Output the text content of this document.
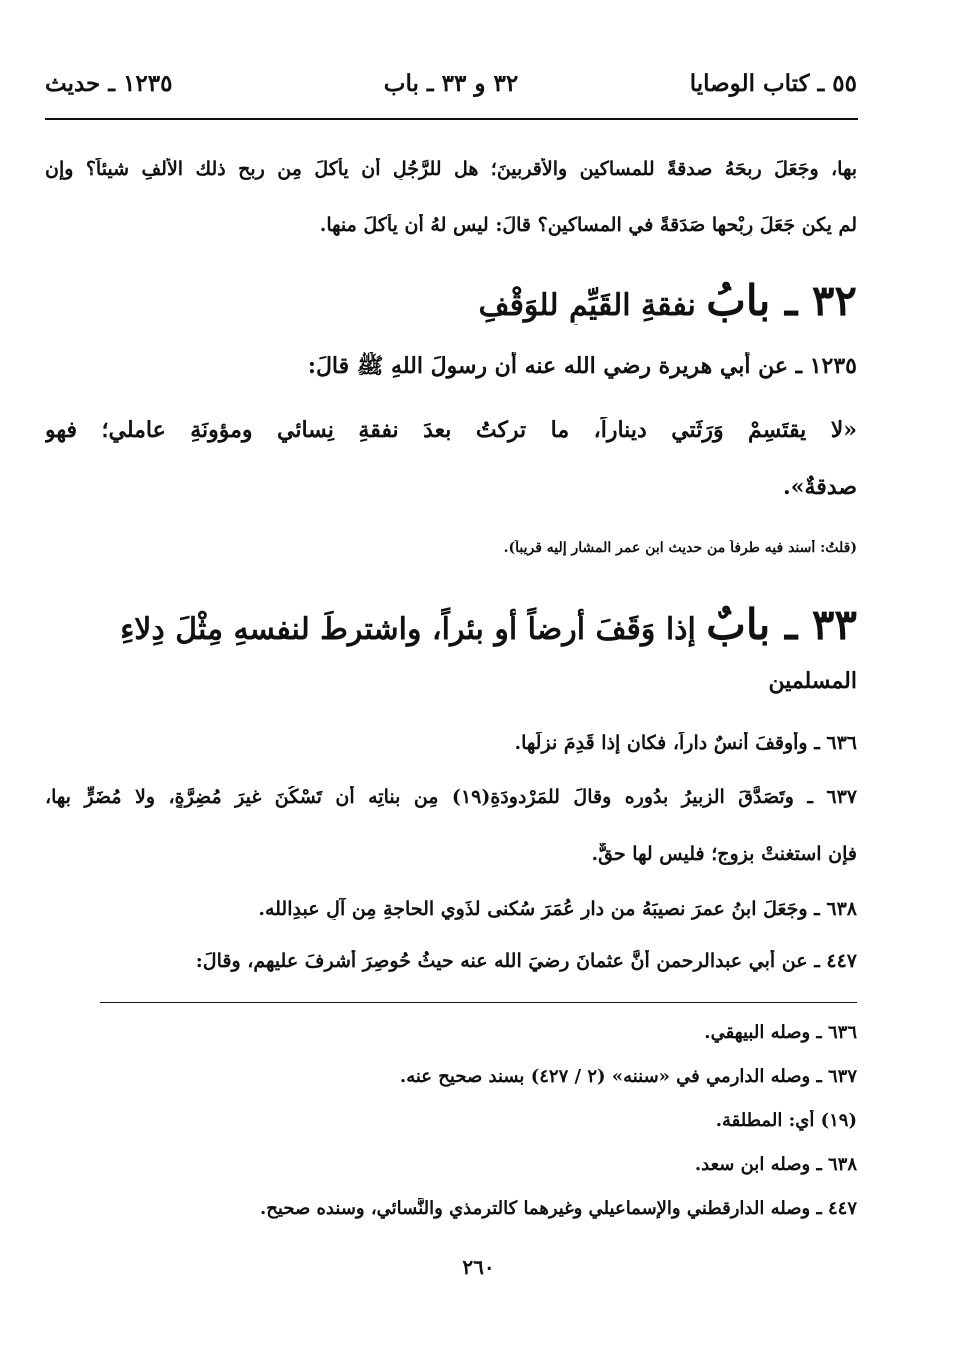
٥٥ ـ كتاب الوصايا
٣٢ و ٣٣ ـ باب
١٢٣٥ ـ حديث
بها، وجَعَلَ ربحَهُ صدقةً للمساكينِ والأقربينَ؛ هل للرَّجُلِ أن يأكلَ مِن ربحِ ذلك الألفِ شيئاً؟ وإن
لم يكن جَعَلَ رِبْحها صَدَقةً في المساكين؟ قالَ: ليس لهُ أن يأكلَ منها.
٣٢ ـ بابُ نفقةِ القَيِّمِ للوَقْفِ
١٢٣٥ ـ عن أبي هريرة رضي الله عنه أن رسولَ اللهِ ﷺ قالَ:
«لا يقتَسِمْ وَرَثَتي ديناراً، ما تركتُ بعدَ نفقةِ نِسائي ومؤونَةِ عاملي؛ فهو
صدقةٌ».
(قلتُ: أسند فيه طرفاً من حديث ابن عمر المشار إليه قريباً).
٣٣ ـ بابٌ إذا وَقَفَ أرضاً أو بئراً، واشترطَ لنفسهِ مِثْلَ دِلاءِ
المسلمين
٦٣٦ ـ وأوقفَ أنسٌ داراً، فكان إذا قَدِمَ نزلَها.
٦٣٧ ـ وتَصَدَّقَ الزبيرُ بدُورِه وقالَ للمَرْدودَةِ(١٩) مِن بناتِه أن تَسْكُنَ غيرَ مُضِرَّةٍ، ولا مُضَرٍّ بها،
فإن استغنتْ بزوجٍ؛ فليس لها حقٌّ.
٦٣٨ ـ وجَعَلَ ابنُ عمرَ نصيبَهُ من دارِ عُمَرَ سُكنى لذَوِي الحاجةِ مِن آلِ عبدِالله.
٤٤٧ ـ عن أبي عبدالرحمنِ أنَّ عثمانَ رضيَ الله عنه حيثُ حُوصِرَ أشرفَ عليهم، وقالَ:
٦٣٦ ـ وصله البيهقي.
٦٣٧ ـ وصله الدارمي في «سننه» (٢ / ٤٢٧) بسند صحيح عنه.
(١٩) أي: المطلقة.
٦٣٨ ـ وصله ابن سعد.
٤٤٧ ـ وصله الدارقطني والإسماعيلي وغيرهما كالترمذي والنَّسائي، وسنده صحيح.
٢٦٠
